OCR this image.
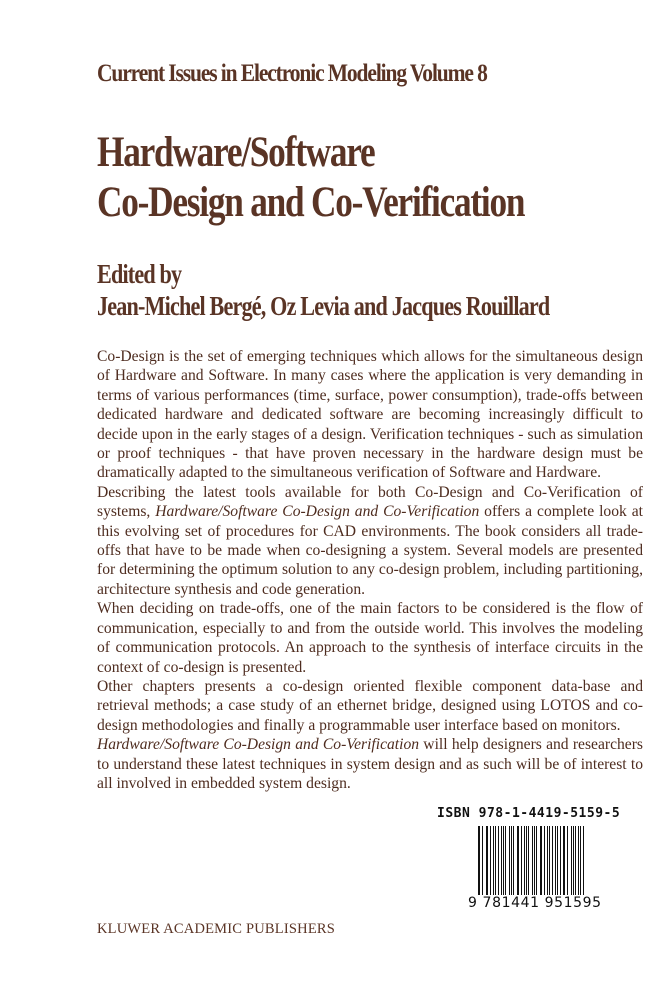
Current Issues in Electronic Modeling Volume 8
Hardware/Software
Co-Design and Co-Verification
Edited by
Jean-Michel Bergé, Oz Levia and Jacques Rouillard

Co-Design is the set of emerging techniques which allows for the simultaneous design of Hardware and Software. In many cases where the application is very demanding in terms of various performances (time, surface, power consumption), trade-offs between dedicated hardware and dedicated software are becoming increasingly difficult to decide upon in the early stages of a design. Verification techniques - such as simulation or proof techniques - that have proven necessary in the hardware design must be dramatically adapted to the simultaneous verification of Software and Hardware.

Describing the latest tools available for both Co-Design and Co-Verification of systems, Hardware/Software Co-Design and Co-Verification offers a complete look at this evolving set of procedures for CAD environments. The book considers all trade-offs that have to be made when co-designing a system. Several models are presented for determining the optimum solution to any co-design problem, including partitioning, architecture synthesis and code generation.

When deciding on trade-offs, one of the main factors to be considered is the flow of communication, especially to and from the outside world. This involves the modeling of communication protocols. An approach to the synthesis of interface circuits in the context of co-design is presented.

Other chapters presents a co-design oriented flexible component data-base and retrieval methods; a case study of an ethernet bridge, designed using LOTOS and co-design methodologies and finally a programmable user interface based on monitors.

Hardware/Software Co-Design and Co-Verification will help designers and researchers to understand these latest techniques in system design and as such will be of interest to all involved in embedded system design.

ISBN 978-1-4419-5159-5
9 781441 951595
KLUWER ACADEMIC PUBLISHERS
